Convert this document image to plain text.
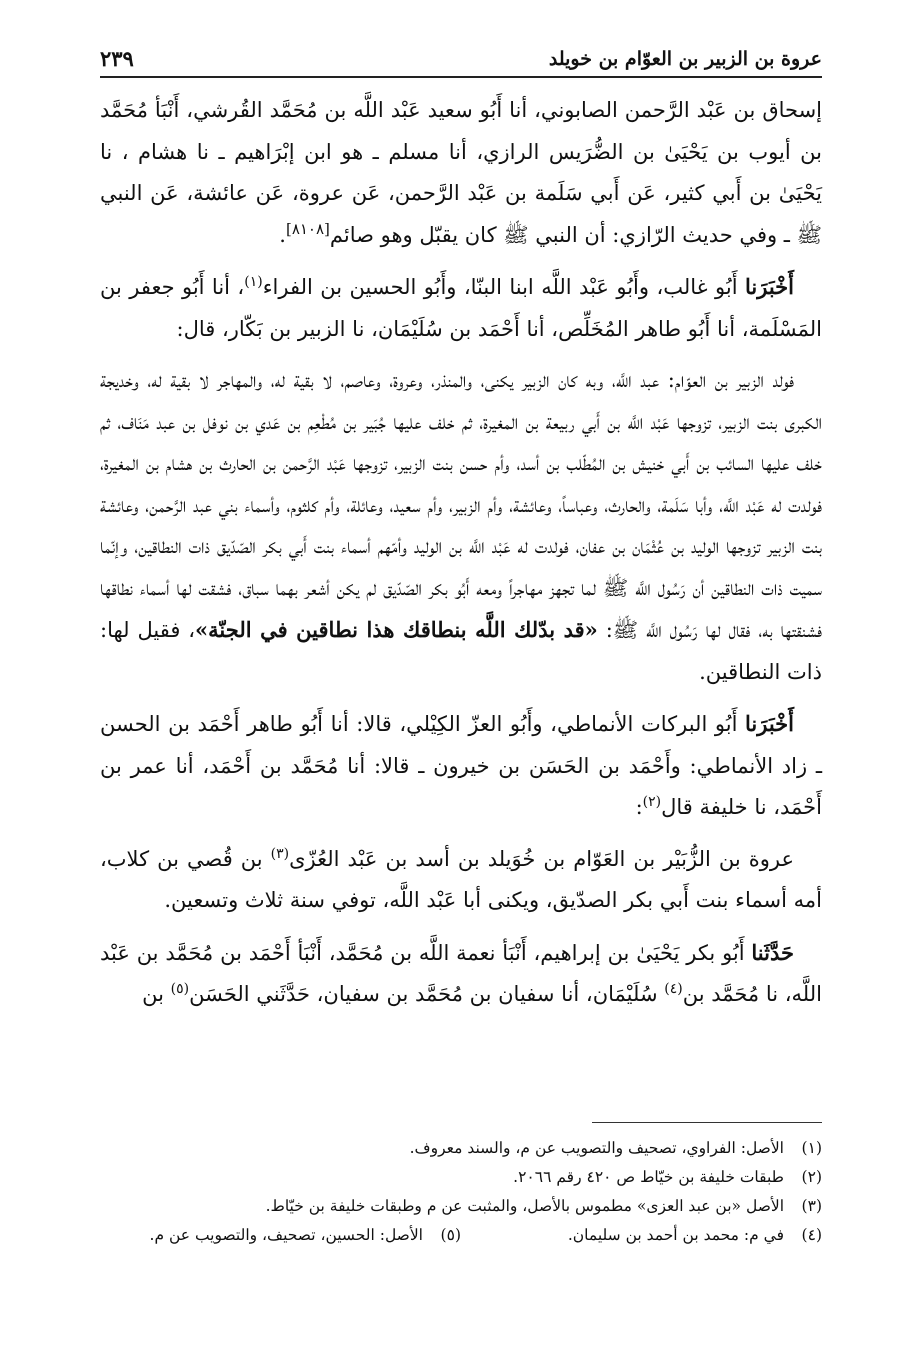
عروة بن الزبير بن العوّام بن خويلد
٢٣٩

إسحاق بن عَبْد الرَّحمن الصابوني، أنا أَبُو سعيد عَبْد اللَّه بن مُحَمَّد القُرشي، أَنْبَأ مُحَمَّد بن أيوب بن يَحْيَىٰ بن الضُّرَيس الرازي، أنا مسلم ـ هو ابن إبْرَاهيم ـ نا هشام ، نا يَحْيَىٰ بن أَبي كثير، عَن أَبي سَلَمة بن عَبْد الرَّحمن، عَن عروة، عَن عائشة، عَن النبي ﷺ ـ وفي حديث الرّازي: أن النبي ﷺ كان يقبّل وهو صائم[٨١٠٨].

أَخْبَرَنا أَبُو غالب، وأَبُو عَبْد اللَّه ابنا البنّا، وأَبُو الحسين بن الفراء$^{(١)}$، أنا أَبُو جعفر بن المَسْلَمة، أنا أَبُو طاهر المُخَلِّص، أنا أَحْمَد بن سُلَيْمَان، نا الزبير بن بَكّار، قال:

فولد الزبير بن العوّام: عبد اللَّه، وبه كان الزبير يكنى، والمنذر، وعروة، وعاصم، لا بقية له، والمهاجر لا بقية له، وخديجة الكبرى بنت الزبير، تزوجها عَبْد اللَّه بن أَبي ربيعة بن المغيرة، ثم خلف عليها جُبَير بن مُطْعِم بن عَدي بن نوفل بن عبد مَنَاف، ثم خلف عليها السائب بن أَبي خنيش بن المُطّلب بن أسد، وأم حسن بنت الزبير، تزوجها عَبْد الرَّحمن بن الحارث بن هشام بن المغيرة، فولدت له عَبْد اللَّه، وأبا سَلَمة، والحارث، وعباساً، وعائشة، وأم الزبير، وأم سعيد، وعائلة، وأم كلثوم، وأسماء بني عبد الرَّحمن، وعائشة بنت الزبير تزوجها الوليد بن عُثْمَان بن عفان، فولدت له عَبْد اللَّه بن الوليد وأمّهم أسماء بنت أَبي بكر الصّدّيق ذات النطاقين، وإنّما سميت ذات النطاقين أن رَسُول اللَّه ﷺ لما تجهز مهاجراً ومعه أَبُو بكر الصّدّيق لم يكن أشعر بهما سباق، فشقت لها أسماء نطاقها فشنقتها به، فقال لها رَسُول اللَّه ﷺ: «قد بدّلك اللَّه بنطاقك هذا نطاقين في الجنّة»، فقيل لها: ذات النطاقين.

أَخْبَرَنا أَبُو البركات الأنماطي، وأَبُو العزّ الكِيْلي، قالا: أنا أَبُو طاهر أَحْمَد بن الحسن ـ زاد الأنماطي: وأَحْمَد بن الحَسَن بن خيرون ـ قالا: أنا مُحَمَّد بن أَحْمَد، أنا عمر بن أَحْمَد، نا خليفة قال$^{(٢)}$:

عروة بن الزُّبَيْر بن العَوّام بن خُوَيلد بن أسد بن عَبْد العُزّى$^{(٣)}$ بن قُصي بن كلاب، أمه أسماء بنت أَبي بكر الصدّيق، ويكنى أبا عَبْد اللَّه، توفي سنة ثلاث وتسعين.

حَدَّثَنا أَبُو بكر يَحْيَىٰ بن إبراهيم، أَنْبَأ نعمة اللَّه بن مُحَمَّد، أَنْبَأ أَحْمَد بن مُحَمَّد بن عَبْد اللَّه، نا مُحَمَّد بن$^{(٤)}$ سُلَيْمَان، أنا سفيان بن مُحَمَّد بن سفيان، حَدَّثَني الحَسَن$^{(٥)}$ بن

(١)
الأصل: الفراوي، تصحيف والتصويب عن م، والسند معروف.
(٢)
طبقات خليفة بن خيّاط ص ٤٢٠ رقم ٢٠٦٦.
(٣)
الأصل «بن عبد العزى» مطموس بالأصل، والمثبت عن م وطبقات خليفة بن خيّاط.
(٤)
في م: محمد بن أحمد بن سليمان.
(٥)
الأصل: الحسين، تصحيف، والتصويب عن م.
